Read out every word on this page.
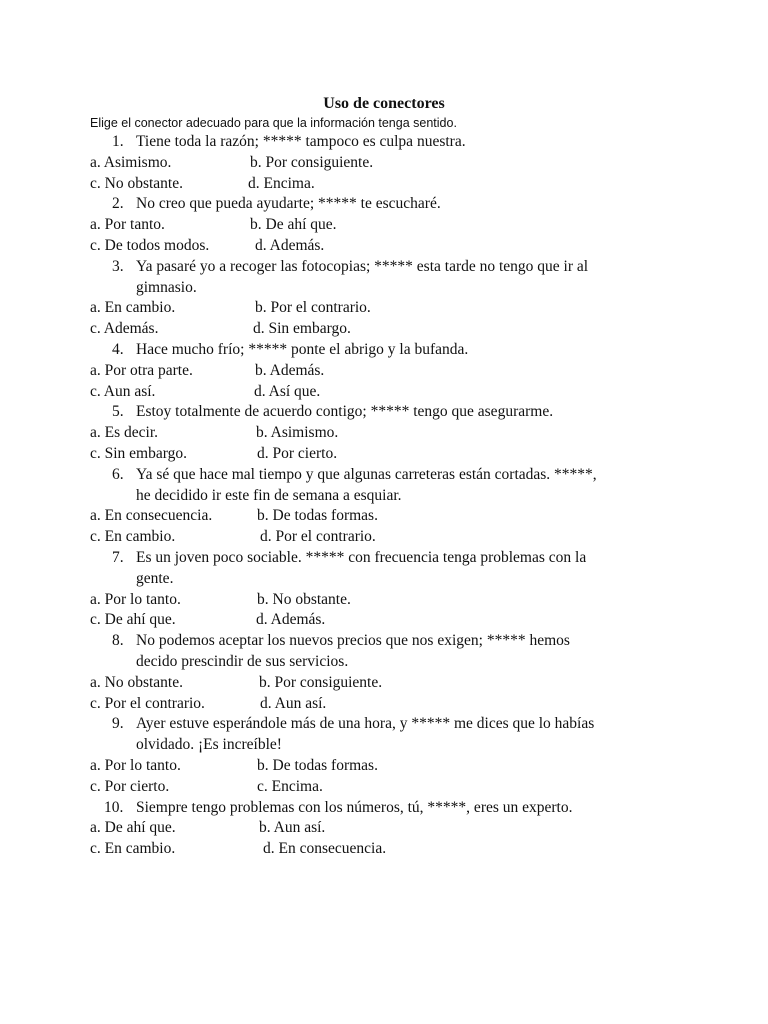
Uso de conectores
Elige el conector adecuado para que la información tenga sentido.
1. Tiene toda la razón; ***** tampoco es culpa nuestra.
a. Asimismo.	b. Por consiguiente.
c. No obstante.	d. Encima.
2. No creo que pueda ayudarte; ***** te escucharé.
a. Por tanto.	b. De ahí que.
c. De todos modos.	d. Además.
3. Ya pasaré yo a recoger las fotocopias; ***** esta tarde no tengo que ir al
gimnasio.
a. En cambio.	b. Por el contrario.
c. Además.	d. Sin embargo.
4. Hace mucho frío; ***** ponte el abrigo y la bufanda.
a. Por otra parte.	b. Además.
c. Aun así.	d. Así que.
5. Estoy totalmente de acuerdo contigo; ***** tengo que asegurarme.
a. Es decir.	b. Asimismo.
c. Sin embargo.	d. Por cierto.
6. Ya sé que hace mal tiempo y que algunas carreteras están cortadas. *****,
he decidido ir este fin de semana a esquiar.
a. En consecuencia.	b. De todas formas.
c. En cambio.	d. Por el contrario.
7. Es un joven poco sociable. ***** con frecuencia tenga problemas con la
gente.
a. Por lo tanto.	b. No obstante.
c. De ahí que.	d. Además.
8. No podemos aceptar los nuevos precios que nos exigen; ***** hemos
decido prescindir de sus servicios.
a. No obstante.	b. Por consiguiente.
c. Por el contrario.	d. Aun así.
9. Ayer estuve esperándole más de una hora, y ***** me dices que lo habías
olvidado. ¡Es increíble!
a. Por lo tanto.	b. De todas formas.
c. Por cierto.	c. Encima.
10. Siempre tengo problemas con los números, tú, *****, eres un experto.
a. De ahí que.	b. Aun así.
c. En cambio.	d. En consecuencia.
